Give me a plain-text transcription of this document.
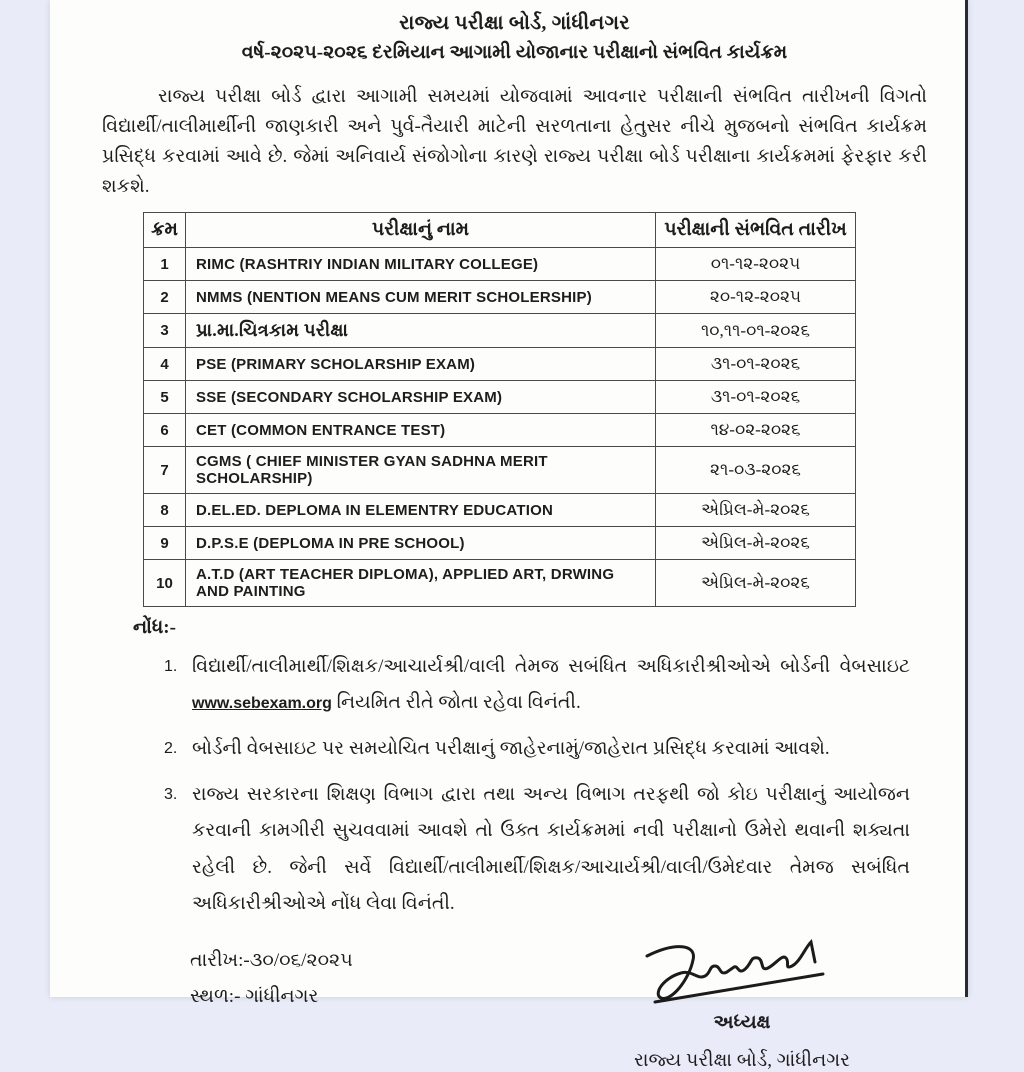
રાજ્ય પરીક્ષા બોર્ડ, ગાંધીનગર
વર્ષ-૨૦૨૫-૨૦૨૬ દરમિયાન આગામી યોજાનાર પરીક્ષાનો સંભવિત કાર્યક્રમ
રાજ્ય પરીક્ષા બોર્ડ દ્વારા આગામી સમયમાં યોજવામાં આવનાર પરીક્ષાની સંભવિત તારીખની વિગતો વિદ્યાર્થી/તાલીમાર્થીની જાણકારી અને પુર્વ-તૈયારી માટેની સરળતાના હેતુસર નીચે મુજબનો સંભવિત કાર્યક્રમ પ્રસિદ્ધ કરવામાં આવે છે. જેમાં અનિવાર્ય સંજોગોના કારણે રાજ્ય પરીક્ષા બોર્ડ પરીક્ષાના કાર્યક્રમમાં ફેરફાર કરી શકશે.
ક્રમ	પરીક્ષાનું નામ	પરીક્ષાની સંભવિત તારીખ
1	RIMC (RASHTRIY INDIAN MILITARY COLLEGE)	૦૧-૧૨-૨૦૨૫
2	NMMS (NENTION MEANS CUM MERIT SCHOLERSHIP)	૨૦-૧૨-૨૦૨૫
3	પ્રા.મા.ચિત્રકામ પરીક્ષા	૧૦,૧૧-૦૧-૨૦૨૬
4	PSE (PRIMARY SCHOLARSHIP EXAM)	૩૧-૦૧-૨૦૨૬
5	SSE (SECONDARY SCHOLARSHIP EXAM)	૩૧-૦૧-૨૦૨૬
6	CET (COMMON ENTRANCE TEST)	૧૪-૦૨-૨૦૨૬
7	CGMS ( CHIEF MINISTER GYAN SADHNA MERIT SCHOLARSHIP)	૨૧-૦૩-૨૦૨૬
8	D.EL.ED. DEPLOMA IN ELEMENTRY EDUCATION	એપ્રિલ-મે-૨૦૨૬
9	D.P.S.E (DEPLOMA IN PRE SCHOOL)	એપ્રિલ-મે-૨૦૨૬
10	A.T.D (ART TEACHER DIPLOMA), APPLIED ART, DRWING AND PAINTING	એપ્રિલ-મે-૨૦૨૬
નોંધ:-
1. વિદ્યાર્થી/તાલીમાર્થી/શિક્ષક/આચાર્યશ્રી/વાલી તેમજ સબંધિત અધિકારીશ્રીઓએ બોર્ડની વેબસાઇટ www.sebexam.org નિયમિત રીતે જોતા રહેવા વિનંતી.
2. બોર્ડની વેબસાઇટ પર સમયોચિત પરીક્ષાનું જાહેરનામું/જાહેરાત પ્રસિદ્ધ કરવામાં આવશે.
3. રાજ્ય સરકારના શિક્ષણ વિભાગ દ્વારા તથા અન્ય વિભાગ તરફથી જો કોઇ પરીક્ષાનું આયોજન કરવાની કામગીરી સુચવવામાં આવશે તો ઉક્ત કાર્યક્રમમાં નવી પરીક્ષાનો ઉમેરો થવાની શક્યતા રહેલી છે. જેની સર્વે વિદ્યાર્થી/તાલીમાર્થી/શિક્ષક/આચાર્યશ્રી/વાલી/ઉમેદવાર તેમજ સબંધિત અધિકારીશ્રીઓએ નોંધ લેવા વિનંતી.
તારીખ:-૩૦/૦૬/૨૦૨૫
સ્થળ:- ગાંધીનગર
અધ્યક્ષ
રાજ્ય પરીક્ષા બોર્ડ, ગાંધીનગર
